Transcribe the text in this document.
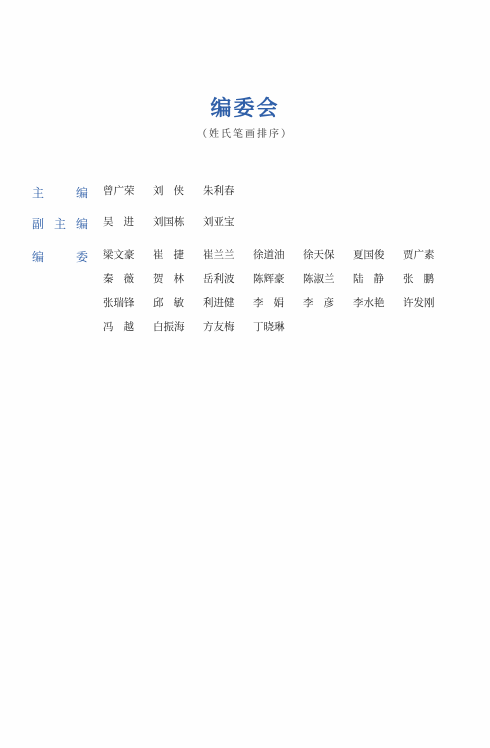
编委会
（姓氏笔画排序）
主	编 曾广荣	刘侠 朱利春
副 主 编 吴进 刘国栋	刘亚宝
编	委 梁文豪	崔捷 崔兰兰	徐道油	徐天保	夏国俊	贾广素
秦薇 贺林 岳利波	陈辉豪	陈淑兰	陆静 张鹏
张瑞锋	邱敏 利进健	李娟 李彦 李水艳	许发刚
冯越 白振海	方友梅	丁晓琳
